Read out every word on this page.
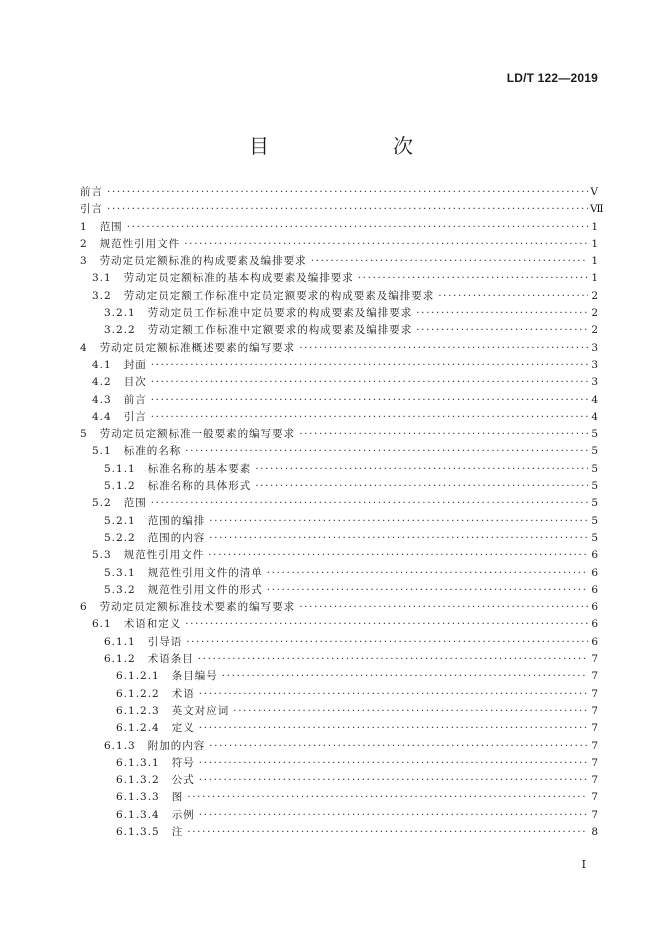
LD/T 122—2019
目　　次
前言 ·····	Ⅴ
引言 ·····	Ⅶ
1 范围 ·····	1
2 规范性引用文件 ·····	1
3 劳动定员定额标准的构成要素及编排要求 ·····	1
3.1 劳动定员定额标准的基本构成要素及编排要求 ·····	1
3.2 劳动定员定额工作标准中定员定额要求的构成要素及编排要求 ·····	2
3.2.1 劳动定员工作标准中定员要求的构成要素及编排要求 ·····	2
3.2.2 劳动定额工作标准中定额要求的构成要素及编排要求 ·····	2
4 劳动定员定额标准概述要素的编写要求 ·····	3
4.1 封面 ·····	3
4.2 目次 ·····	3
4.3 前言 ·····	4
4.4 引言 ·····	4
5 劳动定员定额标准一般要素的编写要求 ·····	5
5.1 标准的名称 ·····	5
5.1.1 标准名称的基本要素 ·····	5
5.1.2 标准名称的具体形式 ·····	5
5.2 范围 ·····	5
5.2.1 范围的编排 ·····	5
5.2.2 范围的内容 ·····	5
5.3 规范性引用文件 ·····	6
5.3.1 规范性引用文件的清单 ·····	6
5.3.2 规范性引用文件的形式 ·····	6
6 劳动定员定额标准技术要素的编写要求 ·····	6
6.1 术语和定义 ·····	6
6.1.1 引导语 ·····	6
6.1.2 术语条目 ·····	7
6.1.2.1 条目编号 ·····	7
6.1.2.2 术语 ·····	7
6.1.2.3 英文对应词 ·····	7
6.1.2.4 定义 ·····	7
6.1.3 附加的内容 ·····	7
6.1.3.1 符号 ·····	7
6.1.3.2 公式 ·····	7
6.1.3.3 图 ·····	7
6.1.3.4 示例 ·····	7
6.1.3.5 注 ·····	8
Ⅰ
